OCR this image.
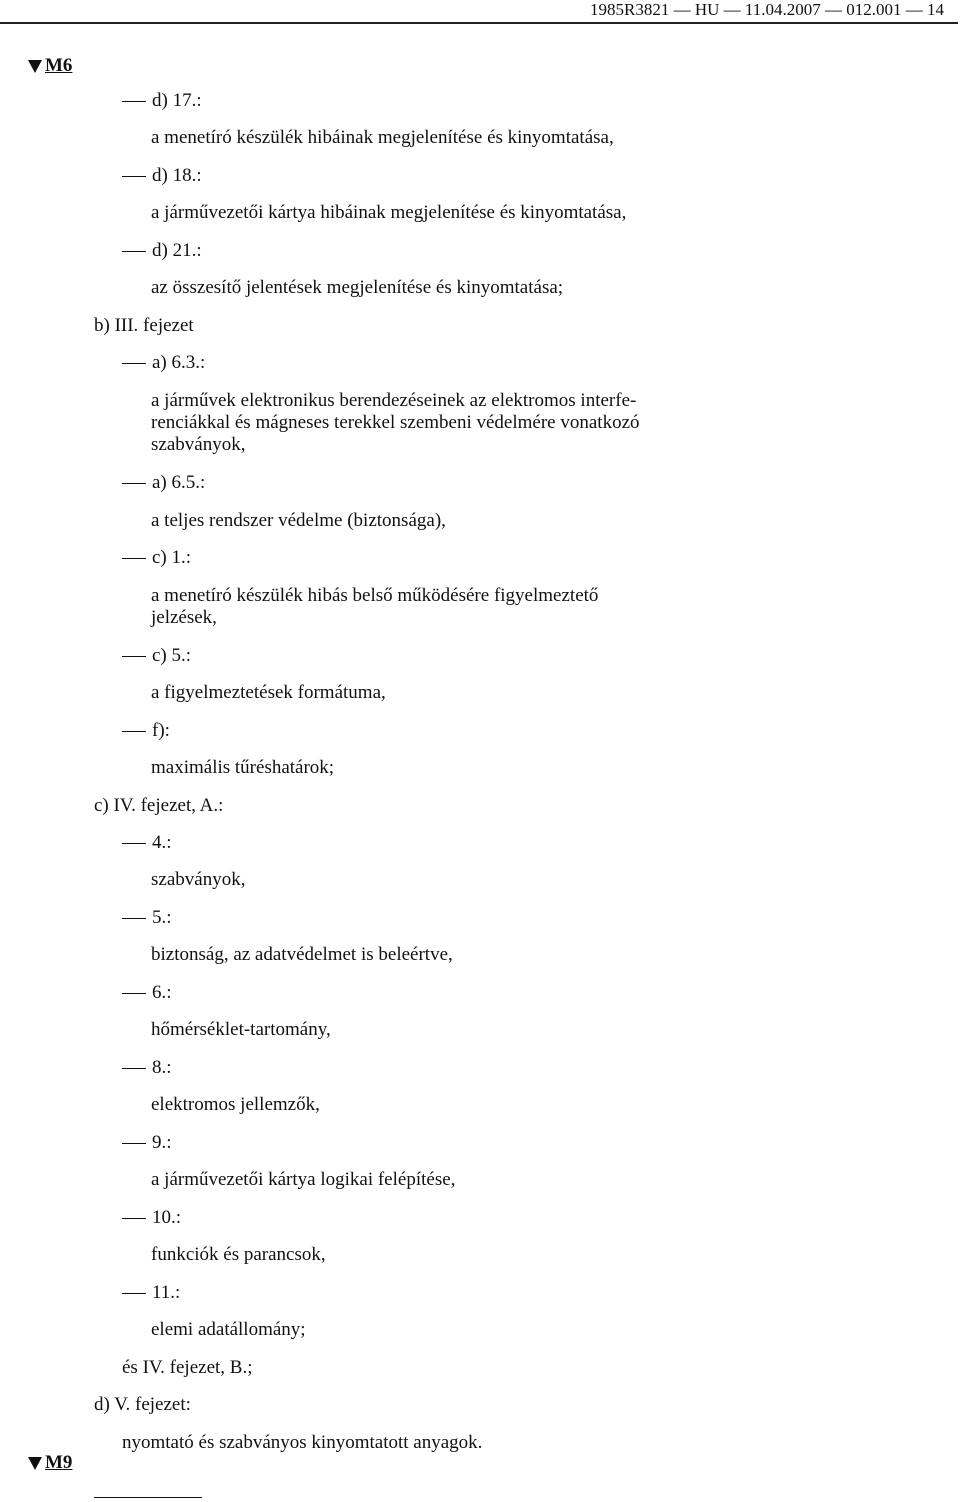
1985R3821 — HU — 11.04.2007 — 012.001 — 14
M6
d) 17.:
a menetíró készülék hibáinak megjelenítése és kinyomtatása,
d) 18.:
a járművezetői kártya hibáinak megjelenítése és kinyomtatása,
d) 21.:
az összesítő jelentések megjelenítése és kinyomtatása;
b) III. fejezet
a) 6.3.:
a járművek elektronikus berendezéseinek az elektromos interfe-
renciákkal és mágneses terekkel szembeni védelmére vonatkozó
szabványok,
a) 6.5.:
a teljes rendszer védelme (biztonsága),
c) 1.:
a menetíró készülék hibás belső működésére figyelmeztető
jelzések,
c) 5.:
a figyelmeztetések formátuma,
f):
maximális tűréshatárok;
c) IV. fejezet, A.:
4.:
szabványok,
5.:
biztonság, az adatvédelmet is beleértve,
6.:
hőmérséklet-tartomány,
8.:
elektromos jellemzők,
9.:
a járművezetői kártya logikai felépítése,
10.:
funkciók és parancsok,
11.:
elemi adatállomány;
és IV. fejezet, B.;
d) V. fejezet:
M9
nyomtató és szabványos kinyomtatott anyagok.
